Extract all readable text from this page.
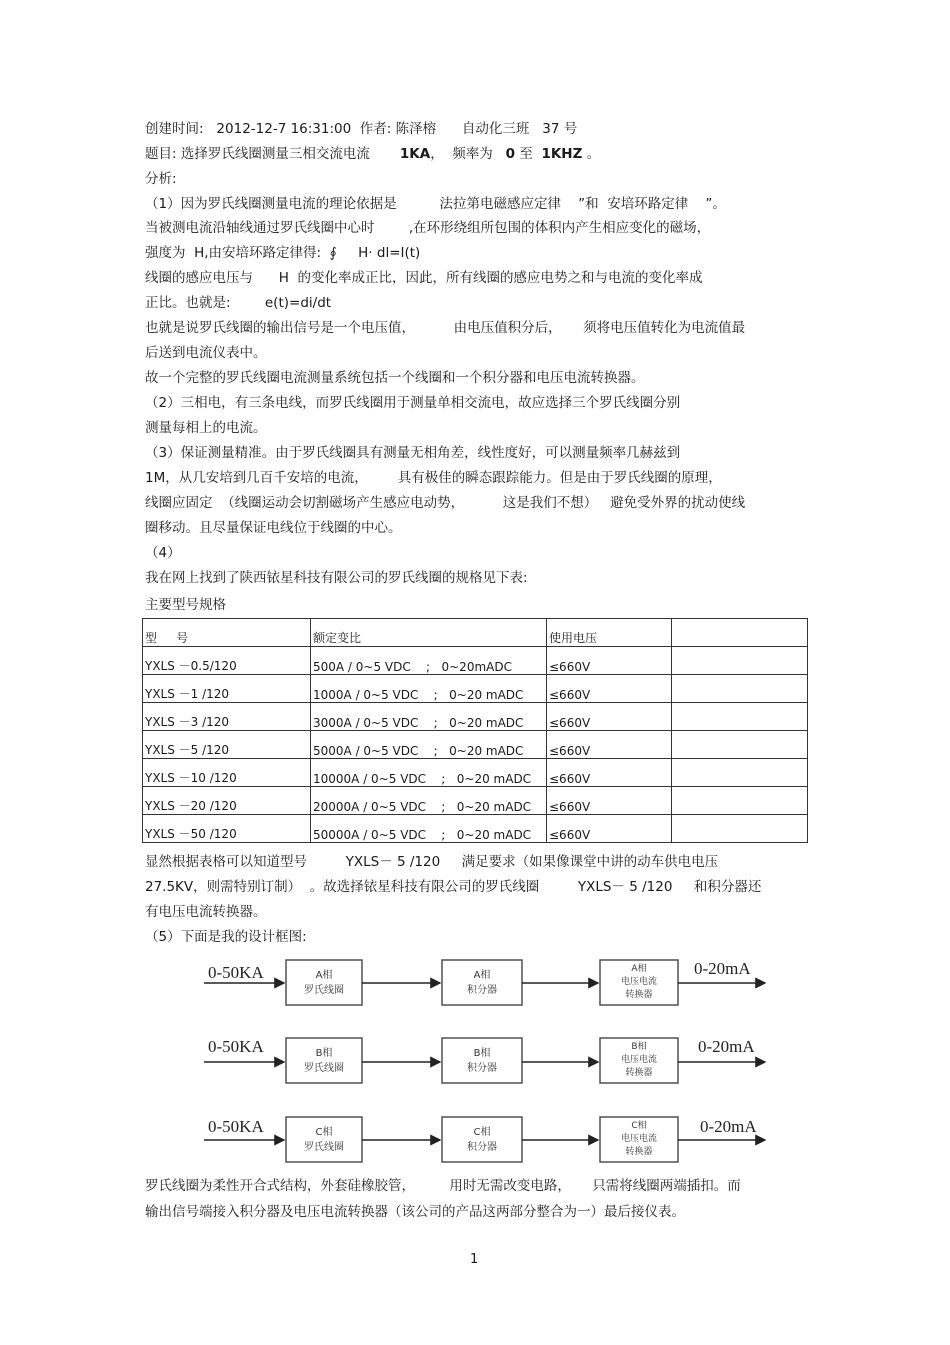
创建时间:   2012-12-7 16:31:00  作者: 陈泽榕      自动化三班   37 号
题目: 选择罗氏线圈测量三相交流电流       1KA，  频率为   0 至  1KHZ 。
分析:
（1）因为罗氏线圈测量电流的理论依据是          法拉第电磁感应定律    ”和  安培环路定律    ”。
当被测电流沿轴线通过罗氏线圈中心时        ,在环形绕组所包围的体积内产生相应变化的磁场，
强度为  H,由安培环路定律得:  ∮     H· dl=I(t)
线圈的感应电压与      H  的变化率成正比，因此，所有线圈的感应电势之和与电流的变化率成
正比。也就是:        e(t)=di/dt
也就是说罗氏线圈的输出信号是一个电压值，         由电压值积分后，     须将电压值转化为电流值最
后送到电流仪表中。
故一个完整的罗氏线圈电流测量系统包括一个线圈和一个积分器和电压电流转换器。
（2）三相电，有三条电线，而罗氏线圈用于测量单相交流电，故应选择三个罗氏线圈分别
测量每相上的电流。
（3）保证测量精准。由于罗氏线圈具有测量无相角差，线性度好，可以测量频率几赫兹到
1M，从几安培到几百千安培的电流，       具有极佳的瞬态跟踪能力。但是由于罗氏线圈的原理，
线圈应固定  （线圈运动会切割磁场产生感应电动势，         这是我们不想）   避免受外界的扰动使线
圈移动。且尽量保证电线位于线圈的中心。
（4）
我在网上找到了陕西铱星科技有限公司的罗氏线圈的规格见下表:
主要型号规格
型     号	额定变比	使用电压	
YXLS －0.5/120	500A / 0~5 VDC    ;   0~20mADC	≤660V	
YXLS －1 /120	1000A / 0~5 VDC    ;   0~20 mADC	≤660V	
YXLS －3 /120	3000A / 0~5 VDC    ;   0~20 mADC	≤660V	
YXLS －5 /120	5000A / 0~5 VDC    ;   0~20 mADC	≤660V	
YXLS －10 /120	10000A / 0~5 VDC    ;   0~20 mADC	≤660V	
YXLS －20 /120	20000A / 0~5 VDC    ;   0~20 mADC	≤660V	
YXLS －50 /120	50000A / 0~5 VDC    ;   0~20 mADC	≤660V	
显然根据表格可以知道型号         YXLS－ 5 /120     满足要求（如果像课堂中讲的动车供电电压
27.5KV，则需特别订制）  。故选择铱星科技有限公司的罗氏线圈         YXLS－ 5 /120     和积分器还
有电压电流转换器。
（5）下面是我的设计框图:
0-50KA	A相
罗氏线圈
A相
积分器
A相
电压电流
转换器
0-20mA
0-50KA	B相
罗氏线圈
B相
积分器
B相
电压电流
转换器
0-20mA
0-50KA	C相
罗氏线圈
C相
积分器
C相
电压电流
转换器
0-20mA
罗氏线圈为柔性开合式结构，外套硅橡胶管，        用时无需改变电路，     只需将线圈两端插扣。而
输出信号端接入积分器及电压电流转换器（该公司的产品这两部分整合为一）最后接仪表。
1
